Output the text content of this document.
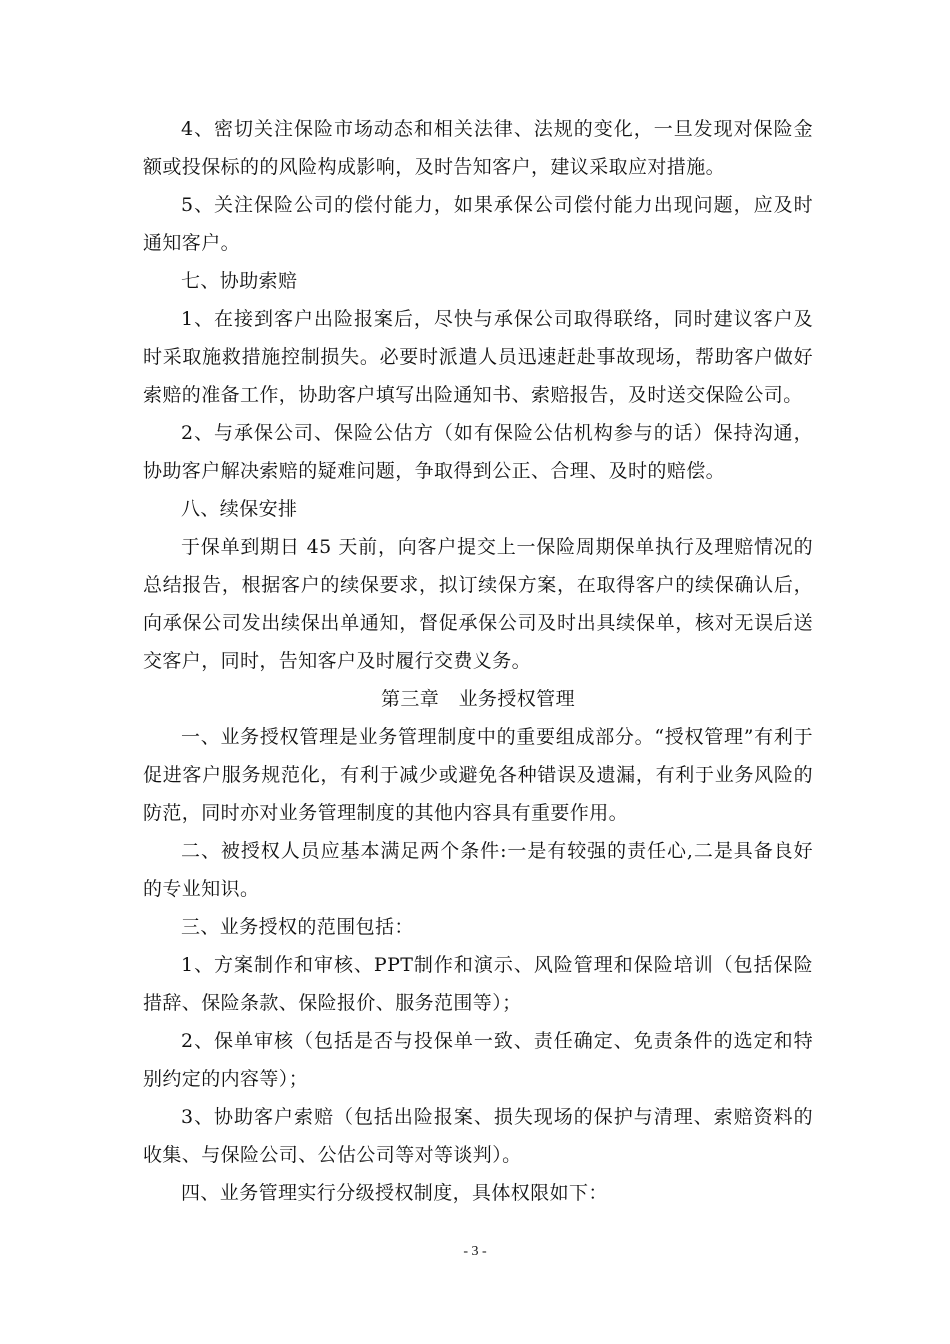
4、密切关注保险市场动态和相关法律、法规的变化，一旦发现对保险金额或投保标的的风险构成影响，及时告知客户，建议采取应对措施。

5、关注保险公司的偿付能力，如果承保公司偿付能力出现问题，应及时通知客户。

七、协助索赔

1、在接到客户出险报案后，尽快与承保公司取得联络，同时建议客户及时采取施救措施控制损失。必要时派遣人员迅速赶赴事故现场，帮助客户做好索赔的准备工作，协助客户填写出险通知书、索赔报告，及时送交保险公司。

2、与承保公司、保险公估方（如有保险公估机构参与的话）保持沟通，协助客户解决索赔的疑难问题，争取得到公正、合理、及时的赔偿。

八、续保安排

于保单到期日 45 天前，向客户提交上一保险周期保单执行及理赔情况的总结报告，根据客户的续保要求，拟订续保方案，在取得客户的续保确认后，向承保公司发出续保出单通知，督促承保公司及时出具续保单，核对无误后送交客户，同时，告知客户及时履行交费义务。

第三章　业务授权管理

一、业务授权管理是业务管理制度中的重要组成部分。“授权管理”有利于促进客户服务规范化，有利于减少或避免各种错误及遗漏，有利于业务风险的防范，同时亦对业务管理制度的其他内容具有重要作用。

二、被授权人员应基本满足两个条件:一是有较强的责任心,二是具备良好的专业知识。

三、业务授权的范围包括：

1、方案制作和审核、PPT制作和演示、风险管理和保险培训（包括保险措辞、保险条款、保险报价、服务范围等）；

2、保单审核（包括是否与投保单一致、责任确定、免责条件的选定和特别约定的内容等）；

3、协助客户索赔（包括出险报案、损失现场的保护与清理、索赔资料的收集、与保险公司、公估公司等对等谈判）。

四、业务管理实行分级授权制度，具体权限如下：

- 3 -
